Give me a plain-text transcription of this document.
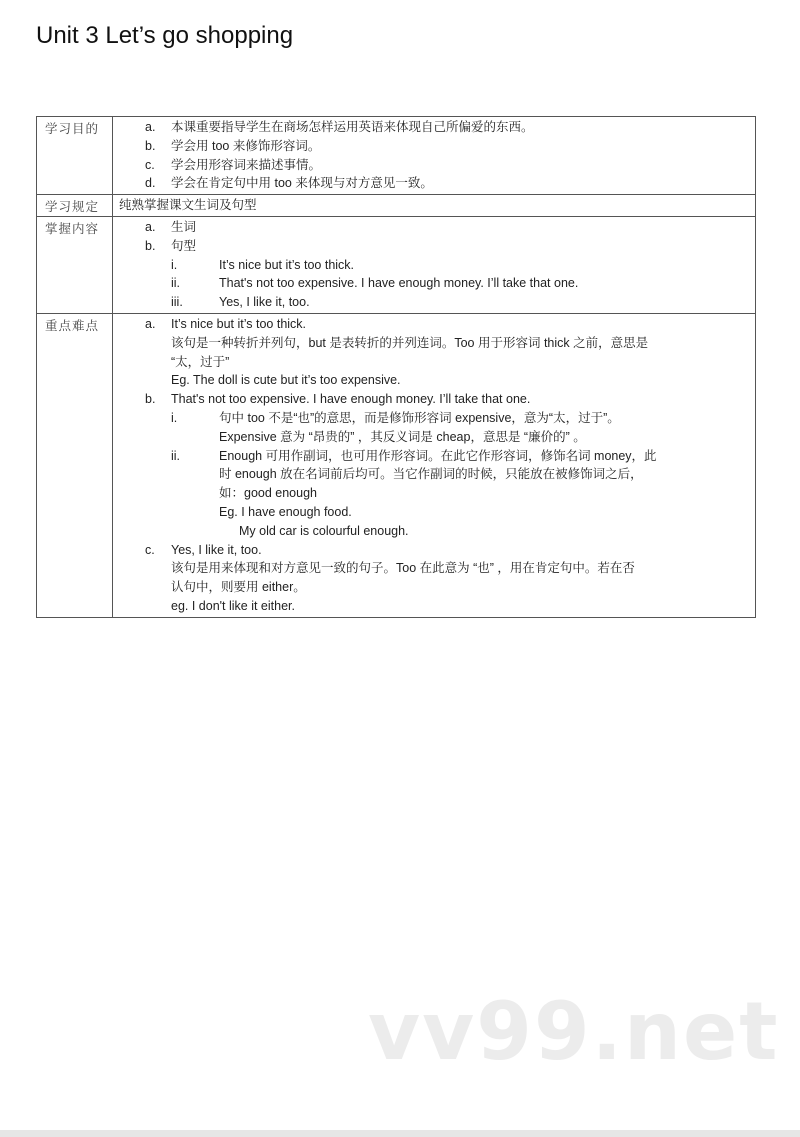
Unit 3 Let’s go shopping
学习目的	a. 本课重要指导学生在商场怎样运用英语来体现自己所偏爱的东西。
b. 学会用 too 来修饰形容词。
c. 学会用形容词来描述事情。
d. 学会在肯定句中用 too 来体现与对方意见一致。
学习规定	纯熟掌握课文生词及句型
掌握内容	a. 生词
b. 句型
i.	It’s nice but it’s too thick.
ii.	That's not too expensive. I have enough money. I’ll take that one.
iii.	Yes, I like it, too.
重点难点	a. It’s nice but it’s too thick.
该句是一种转折并列句，but 是表转折的并列连词。Too 用于形容词 thick 之前，意思是
“太，过于”
Eg. The doll is cute but it’s too expensive.
b. That's not too expensive. I have enough money. I’ll take that one.
i.	句中 too 不是“也”的意思，而是修饰形容词 expensive，意为“太，过于”。
Expensive 意为 “昂贵的” ，其反义词是 cheap，意思是 “廉价的” 。
ii.	Enough 可用作副词，也可用作形容词。在此它作形容词，修饰名词 money，此
时 enough 放在名词前后均可。当它作副词的时候，只能放在被修饰词之后，
如：good enough
Eg. I have enough food.
My old car is colourful enough.
c. Yes, I like it, too.
该句是用来体现和对方意见一致的句子。Too 在此意为 “也” ，用在肯定句中。若在否
认句中，则要用 either。
eg. I don't like it either.
vv99.net
